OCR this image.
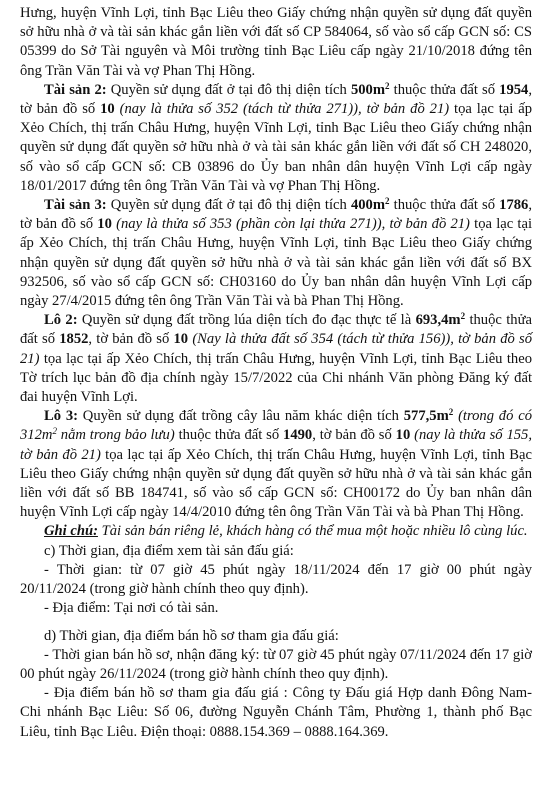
Hưng, huyện Vĩnh Lợi, tỉnh Bạc Liêu theo Giấy chứng nhận quyền sử dụng đất quyền sở hữu nhà ở và tài sản khác gắn liền với đất số CP 584064, số vào sổ cấp GCN số: CS 05399 do Sở Tài nguyên và Môi trường tỉnh Bạc Liêu cấp ngày 21/10/2018 đứng tên ông Trần Văn Tài và vợ Phan Thị Hồng.

Tài sản 2: Quyền sử dụng đất ở tại đô thị diện tích $500m^2$ thuộc thửa đất số 1954, tờ bản đồ số 10 (nay là thửa số 352 (tách từ thửa 271)), tờ bản đồ 21) tọa lạc tại ấp Xẻo Chích, thị trấn Châu Hưng, huyện Vĩnh Lợi, tỉnh Bạc Liêu theo Giấy chứng nhận quyền sử dụng đất quyền sở hữu nhà ở và tài sản khác gắn liền với đất số CH 248020, số vào sổ cấp GCN số: CB 03896 do Ủy ban nhân dân huyện Vĩnh Lợi cấp ngày 18/01/2017 đứng tên ông Trần Văn Tài và vợ Phan Thị Hồng.

Tài sản 3: Quyền sử dụng đất ở tại đô thị diện tích $400m^2$ thuộc thửa đất số 1786, tờ bản đồ số 10 (nay là thửa số 353 (phần còn lại thửa 271)), tờ bản đồ 21) tọa lạc tại ấp Xẻo Chích, thị trấn Châu Hưng, huyện Vĩnh Lợi, tỉnh Bạc Liêu theo Giấy chứng nhận quyền sử dụng đất quyền sở hữu nhà ở và tài sản khác gắn liền với đất số BX 932506, số vào sổ cấp GCN số: CH03160 do Ủy ban nhân dân huyện Vĩnh Lợi cấp ngày 27/4/2015 đứng tên ông Trần Văn Tài và bà Phan Thị Hồng.

Lô 2: Quyền sử dụng đất trồng lúa diện tích đo đạc thực tế là $693,4m^2$ thuộc thửa đất số 1852, tờ bản đồ số 10 (Nay là thửa đất số 354 (tách từ thửa 156)), tờ bản đồ số 21) tọa lạc tại ấp Xẻo Chích, thị trấn Châu Hưng, huyện Vĩnh Lợi, tỉnh Bạc Liêu theo Tờ trích lục bản đồ địa chính ngày 15/7/2022 của Chi nhánh Văn phòng Đăng ký đất đai huyện Vĩnh Lợi.

Lô 3: Quyền sử dụng đất trồng cây lâu năm khác diện tích $577,5m^2$ (trong đó có $312m^2$ nằm trong bảo lưu) thuộc thửa đất số 1490, tờ bản đồ số 10 (nay là thửa số 155, tờ bản đồ 21) tọa lạc tại ấp Xẻo Chích, thị trấn Châu Hưng, huyện Vĩnh Lợi, tỉnh Bạc Liêu theo Giấy chứng nhận quyền sử dụng đất quyền sở hữu nhà ở và tài sản khác gắn liền với đất số BB 184741, số vào sổ cấp GCN số: CH00172 do Ủy ban nhân dân huyện Vĩnh Lợi cấp ngày 14/4/2010 đứng tên ông Trần Văn Tài và bà Phan Thị Hồng.

Ghi chú: Tài sản bán riêng lẻ, khách hàng có thể mua một hoặc nhiều lô cùng lúc.

c) Thời gian, địa điểm xem tài sản đấu giá:

- Thời gian: từ 07 giờ 45 phút ngày 18/11/2024 đến 17 giờ 00 phút ngày 20/11/2024 (trong giờ hành chính theo quy định).

- Địa điểm: Tại nơi có tài sản.

d) Thời gian, địa điểm bán hồ sơ tham gia đấu giá:

- Thời gian bán hồ sơ, nhận đăng ký: từ 07 giờ 45 phút ngày 07/11/2024 đến 17 giờ 00 phút ngày 26/11/2024 (trong giờ hành chính theo quy định).

- Địa điểm bán hồ sơ tham gia đấu giá : Công ty Đấu giá Hợp danh Đông Nam- Chi nhánh Bạc Liêu: Số 06, đường Nguyễn Chánh Tâm, Phường 1, thành phố Bạc Liêu, tỉnh Bạc Liêu. Điện thoại: 0888.154.369 – 0888.164.369.
